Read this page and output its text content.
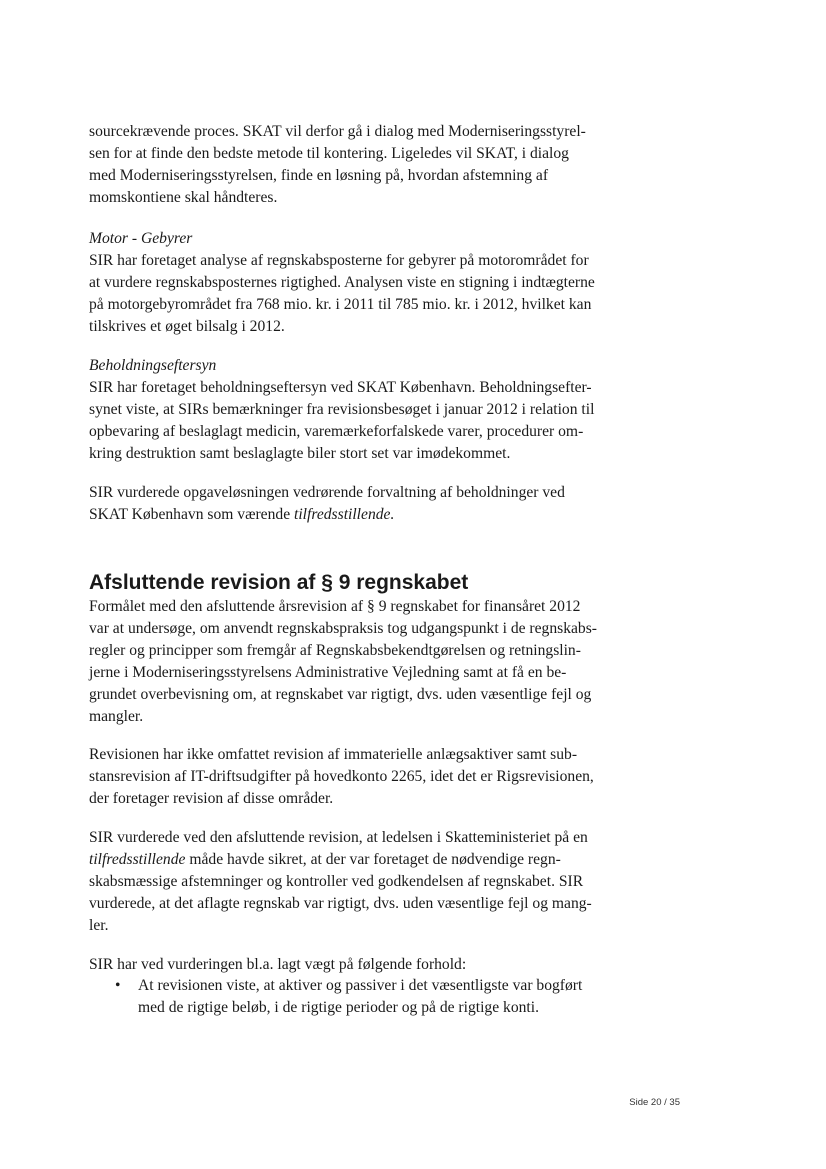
sourcekrævende proces. SKAT vil derfor gå i dialog med Moderniseringsstyrel-
sen for at finde den bedste metode til kontering. Ligeledes vil SKAT, i dialog
med Moderniseringsstyrelsen, finde en løsning på, hvordan afstemning af
momskontiene skal håndteres.
Motor - Gebyrer
SIR har foretaget analyse af regnskabsposterne for gebyrer på motorområdet for
at vurdere regnskabsposternes rigtighed. Analysen viste en stigning i indtægterne
på motorgebyrområdet fra 768 mio. kr. i 2011 til 785 mio. kr. i 2012, hvilket kan
tilskrives et øget bilsalg i 2012.
Beholdningseftersyn
SIR har foretaget beholdningseftersyn ved SKAT København. Beholdningsefter-
synet viste, at SIRs bemærkninger fra revisionsbesøget i januar 2012 i relation til
opbevaring af beslaglagt medicin, varemærkeforfalskede varer, procedurer om-
kring destruktion samt beslaglagte biler stort set var imødekommet.
SIR vurderede opgaveløsningen vedrørende forvaltning af beholdninger ved
SKAT København som værende tilfredsstillende.
Afsluttende revision af § 9 regnskabet
Formålet med den afsluttende årsrevision af § 9 regnskabet for finansåret 2012
var at undersøge, om anvendt regnskabspraksis tog udgangspunkt i de regnskabs-
regler og principper som fremgår af Regnskabsbekendtgørelsen og retningslin-
jerne i Moderniseringsstyrelsens Administrative Vejledning samt at få en be-
grundet overbevisning om, at regnskabet var rigtigt, dvs. uden væsentlige fejl og
mangler.
Revisionen har ikke omfattet revision af immaterielle anlægsaktiver samt sub-
stansrevision af IT-driftsudgifter på hovedkonto 2265, idet det er Rigsrevisionen,
der foretager revision af disse områder.
SIR vurderede ved den afsluttende revision, at ledelsen i Skatteministeriet på en
tilfredsstillende måde havde sikret, at der var foretaget de nødvendige regn-
skabsmæssige afstemninger og kontroller ved godkendelsen af regnskabet. SIR
vurderede, at det aflagte regnskab var rigtigt, dvs. uden væsentlige fejl og mang-
ler.
SIR har ved vurderingen bl.a. lagt vægt på følgende forhold:
• At revisionen viste, at aktiver og passiver i det væsentligste var bogført
med de rigtige beløb, i de rigtige perioder og på de rigtige konti.
Side 20 / 35
